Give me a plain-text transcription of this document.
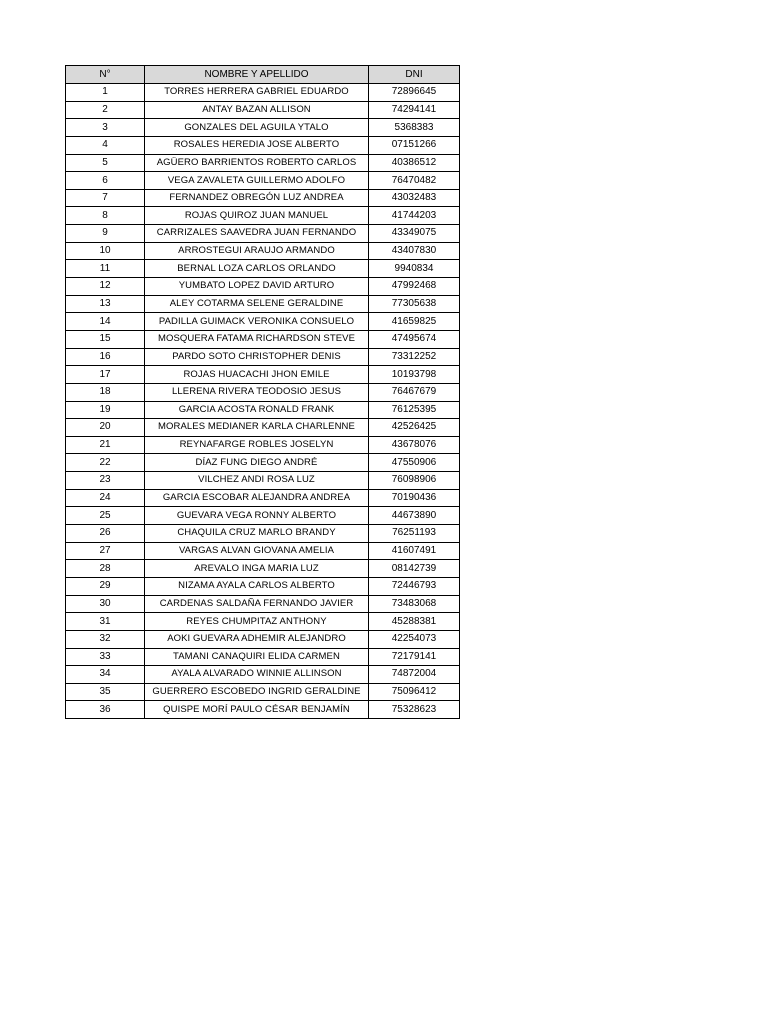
N°	NOMBRE Y APELLIDO	DNI
1	TORRES HERRERA GABRIEL EDUARDO	72896645
2	ANTAY BAZAN ALLISON	74294141
3	GONZALES DEL AGUILA YTALO	5368383
4	ROSALES HEREDIA JOSE ALBERTO	07151266
5	AGÜERO BARRIENTOS ROBERTO CARLOS	40386512
6	VEGA ZAVALETA GUILLERMO ADOLFO	76470482
7	FERNANDEZ OBREGÓN LUZ ANDREA	43032483
8	ROJAS QUIROZ JUAN MANUEL	41744203
9	CARRIZALES SAAVEDRA JUAN FERNANDO	43349075
10	ARROSTEGUI ARAUJO ARMANDO	43407830
11	BERNAL LOZA CARLOS ORLANDO	9940834
12	YUMBATO LOPEZ DAVID ARTURO	47992468
13	ALEY COTARMA SELENE GERALDINE	77305638
14	PADILLA GUIMACK VERONIKA CONSUELO	41659825
15	MOSQUERA FATAMA RICHARDSON STEVE	47495674
16	PARDO SOTO CHRISTOPHER DENIS	73312252
17	ROJAS HUACACHI JHON EMILE	10193798
18	LLERENA RIVERA TEODOSIO JESUS	76467679
19	GARCIA ACOSTA RONALD FRANK	76125395
20	MORALES MEDIANER KARLA CHARLENNE	42526425
21	REYNAFARGE ROBLES JOSELYN	43678076
22	DÍAZ FUNG DIEGO ANDRÉ	47550906
23	VILCHEZ ANDI ROSA LUZ	76098906
24	GARCIA ESCOBAR ALEJANDRA ANDREA	70190436
25	GUEVARA VEGA RONNY ALBERTO	44673890
26	CHAQUILA CRUZ MARLO BRANDY	76251193
27	VARGAS ALVAN GIOVANA AMELIA	41607491
28	AREVALO INGA MARIA LUZ	08142739
29	NIZAMA AYALA CARLOS ALBERTO	72446793
30	CARDENAS SALDAÑA FERNANDO JAVIER	73483068
31	REYES CHUMPITAZ ANTHONY	45288381
32	AOKI GUEVARA ADHEMIR ALEJANDRO	42254073
33	TAMANI CANAQUIRI ELIDA CARMEN	72179141
34	AYALA ALVARADO WINNIE ALLINSON	74872004
35	GUERRERO ESCOBEDO INGRID GERALDINE	75096412
36	QUISPE MORÍ PAULO CÉSAR BENJAMÍN	75328623
